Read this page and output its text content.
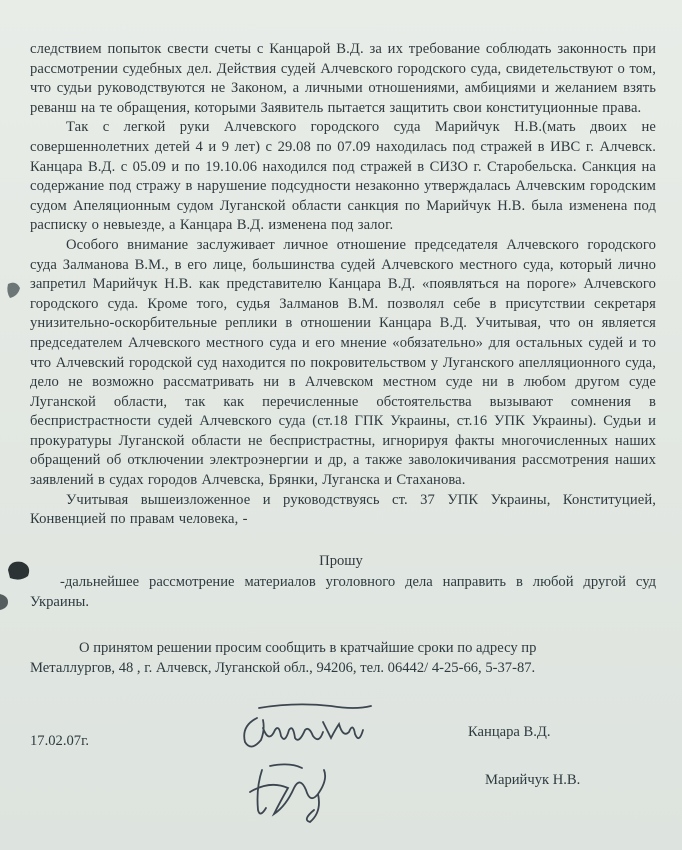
следствием попыток свести счеты с Канцарой В.Д. за их требование соблюдать законность при рассмотрении судебных дел. Действия судей Алчевского городского суда, свидетельствуют о том, что судьи руководствуются не Законом, а личными отношениями, амбициями и желанием взять реванш на те обращения, которыми Заявитель пытается защитить свои конституционные права.

Так с легкой руки Алчевского городского суда Марийчук Н.В.(мать двоих не совершеннолетних детей 4 и 9 лет) с 29.08 по 07.09 находилась под стражей в ИВС г. Алчевск. Канцара В.Д. с 05.09 и по 19.10.06 находился под стражей в СИЗО г. Старобельска. Санкция на содержание под стражу в нарушение подсудности незаконно утверждалась Алчевским городским судом Апеляционным судом Луганской области санкция по Марийчук Н.В. была изменена под расписку о невыезде, а Канцара В.Д. изменена под залог.

Особого внимание заслуживает личное отношение председателя Алчевского городского суда Залманова В.М., в его лице, большинства судей Алчевского местного суда, который лично запретил Марийчук Н.В. как представителю Канцара В.Д. «появляться на пороге» Алчевского городского суда. Кроме того, судья Залманов В.М. позволял себе в присутствии секретаря унизительно-оскорбительные реплики в отношении Канцара В.Д. Учитывая, что он является председателем Алчевского местного суда и его мнение «обязательно» для остальных судей и то что Алчевский городской суд находится по покровительством у Луганского апелляционного суда, дело не возможно рассматривать ни в Алчевском местном суде ни в любом другом суде Луганской области, так как перечисленные обстоятельства вызывают сомнения в беспристрастности судей Алчевского суда (ст.18 ГПК Украины, ст.16 УПК Украины). Судьи и прокуратуры Луганской области не беспристрастны, игнорируя факты многочисленных наших обращений об отключении электроэнергии и др, а также заволокичивания рассмотрения наших заявлений в судах городов Алчевска, Брянки, Луганска и Стаханова.

Учитывая вышеизложенное и руководствуясь ст. 37 УПК Украины, Конституцией, Конвенцией по правам человека, -

Прошу

-дальнейшее рассмотрение материалов уголовного дела направить в любой другой суд Украины.

О принятом решении просим сообщить в кратчайшие сроки по адресу пр

Металлургов, 48 , г. Алчевск, Луганской обл., 94206, тел. 06442/ 4-25-66, 5-37-87.

17.02.07г.
Канцара В.Д.
Марийчук Н.В.
